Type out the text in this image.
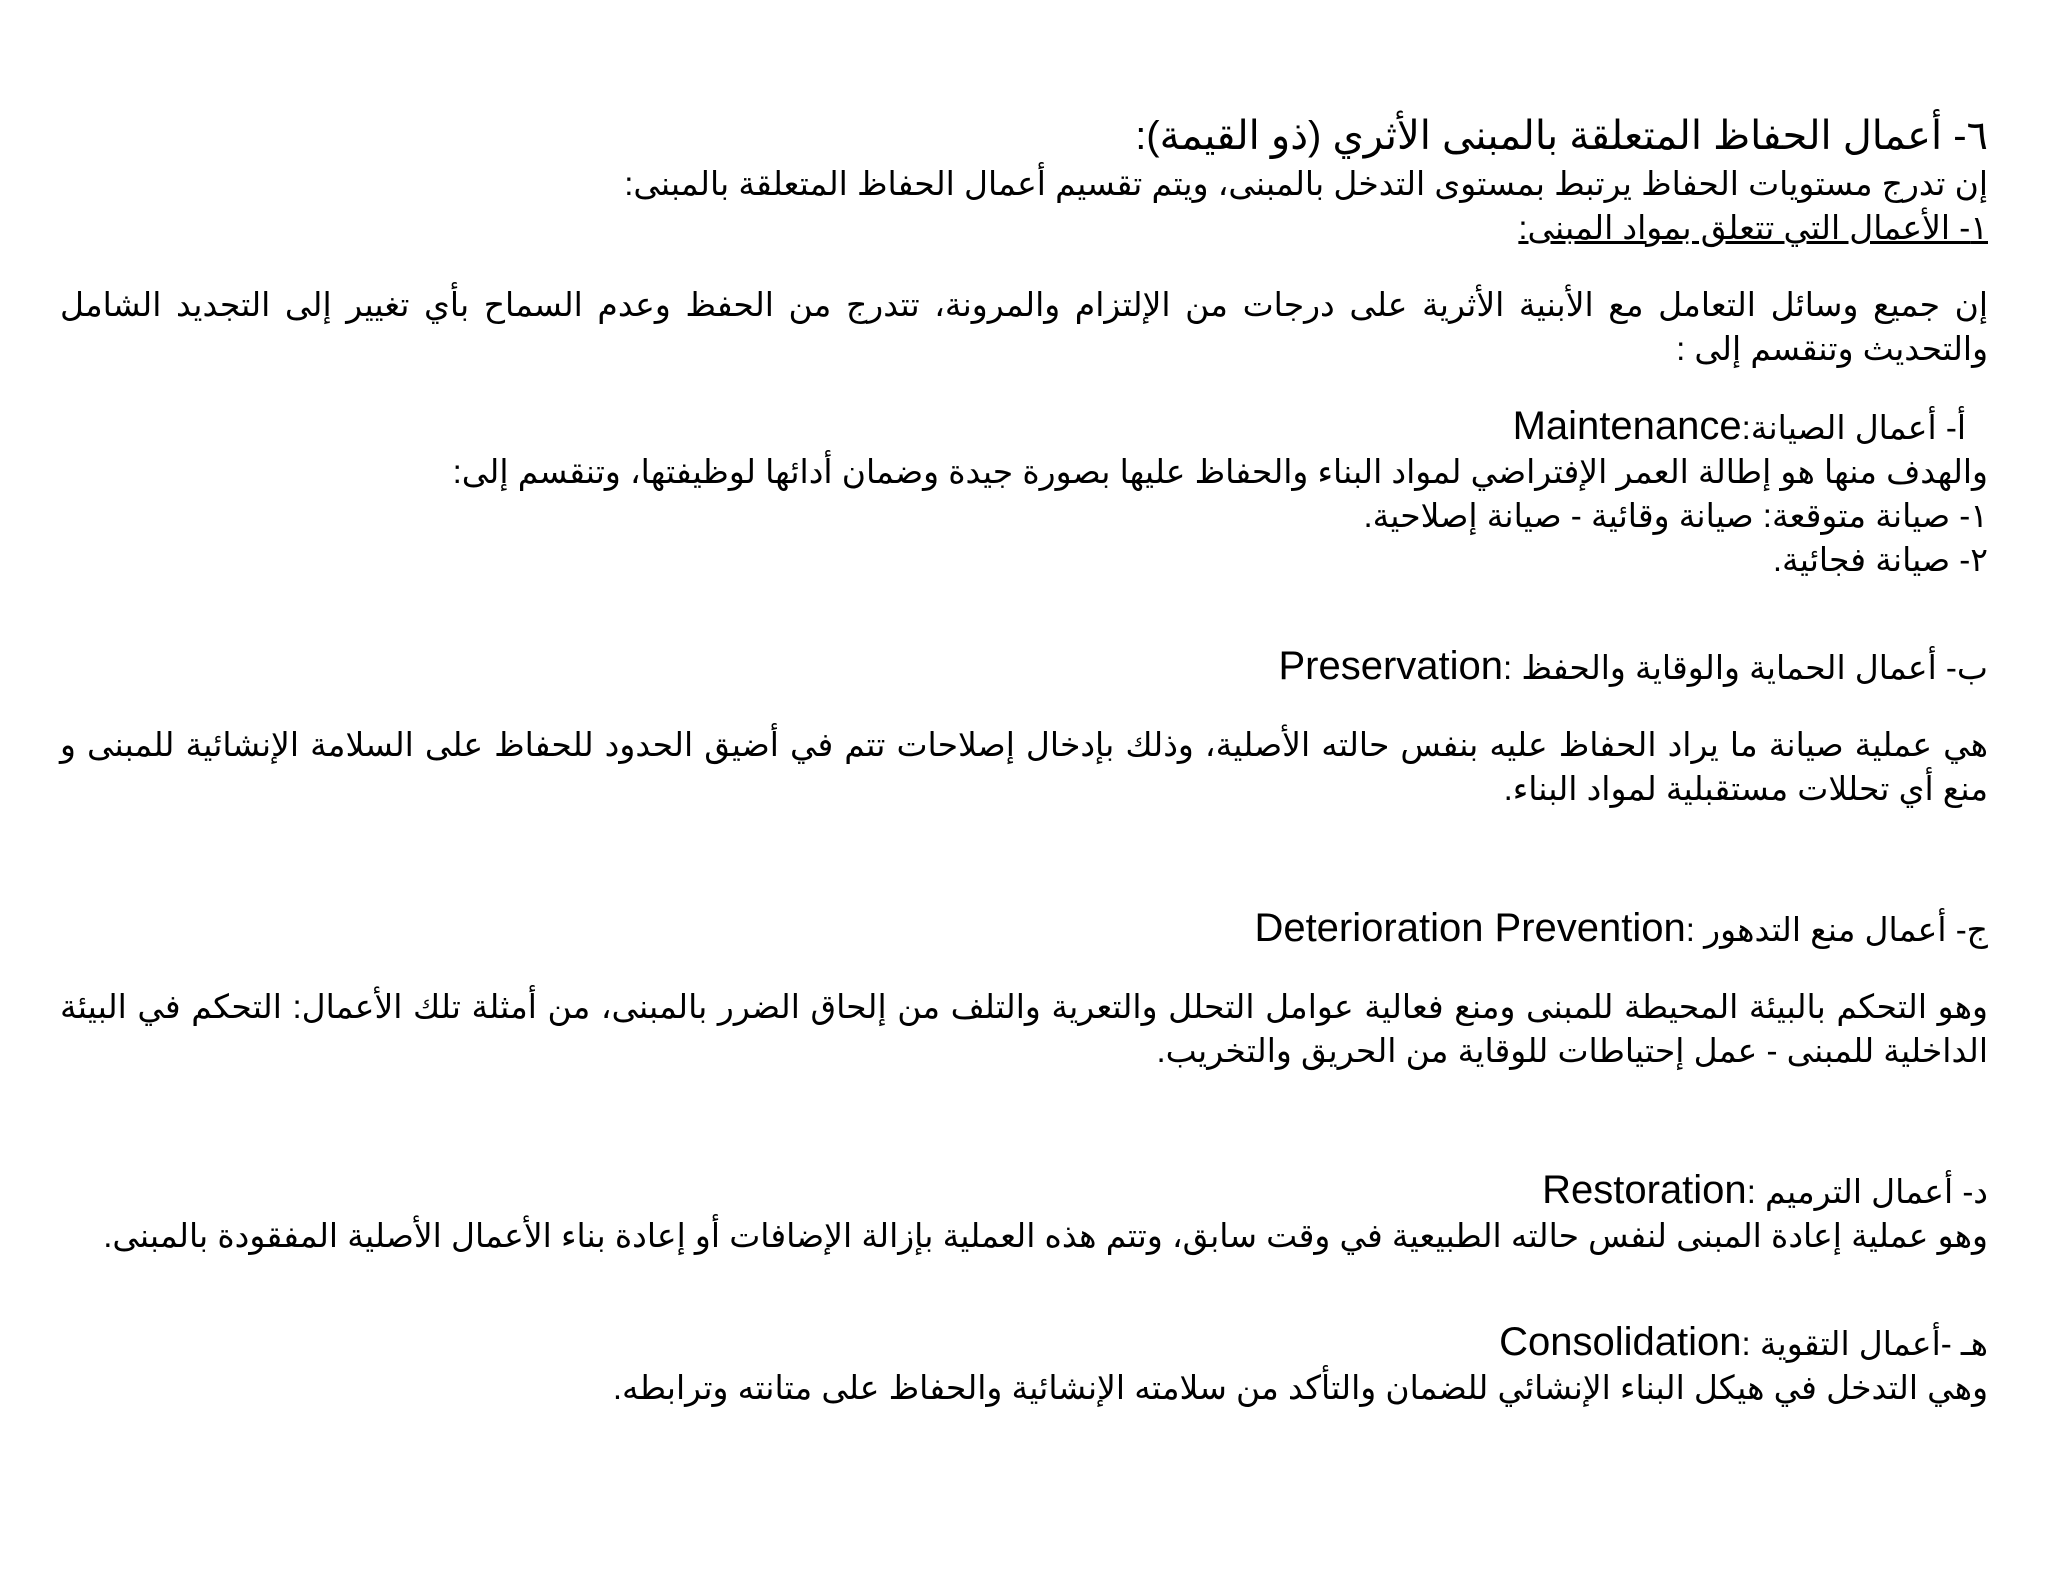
٦- أعمال الحفاظ المتعلقة بالمبنى الأثري (ذو القيمة):

إن تدرج مستويات الحفاظ يرتبط بمستوى التدخل بالمبنى، ويتم تقسيم أعمال الحفاظ المتعلقة بالمبنى:

١- الأعمال التي تتعلق بمواد المبنى:

إن جميع وسائل التعامل مع الأبنية الأثرية على درجات من الإلتزام والمرونة، تتدرج من الحفظ وعدم السماح بأي تغيير إلى التجديد الشامل والتحديث وتنقسم إلى :

أ- أعمال الصيانة:Maintenance

والهدف منها هو إطالة العمر الإفتراضي لمواد البناء والحفاظ عليها بصورة جيدة وضمان أدائها لوظيفتها، وتنقسم إلى:

١- صيانة متوقعة: صيانة وقائية - صيانة إصلاحية.

٢- صيانة فجائية.

ب- أعمال الحماية والوقاية والحفظ :Preservation

هي عملية صيانة ما يراد الحفاظ عليه بنفس حالته الأصلية، وذلك بإدخال إصلاحات تتم في أضيق الحدود للحفاظ على السلامة الإنشائية للمبنى و منع أي تحللات مستقبلية لمواد البناء.

ج- أعمال منع التدهور :Deterioration Prevention

وهو التحكم بالبيئة المحيطة للمبنى ومنع فعالية عوامل التحلل والتعرية والتلف من إلحاق الضرر بالمبنى، من أمثلة تلك الأعمال: التحكم في البيئة الداخلية للمبنى - عمل إحتياطات للوقاية من الحريق والتخريب.

د- أعمال الترميم :Restoration

وهو عملية إعادة المبنى لنفس حالته الطبيعية في وقت سابق، وتتم هذه العملية بإزالة الإضافات أو إعادة بناء الأعمال الأصلية المفقودة بالمبنى.

هـ -أعمال التقوية :Consolidation

وهي التدخل في هيكل البناء الإنشائي للضمان والتأكد من سلامته الإنشائية والحفاظ على متانته وترابطه.
